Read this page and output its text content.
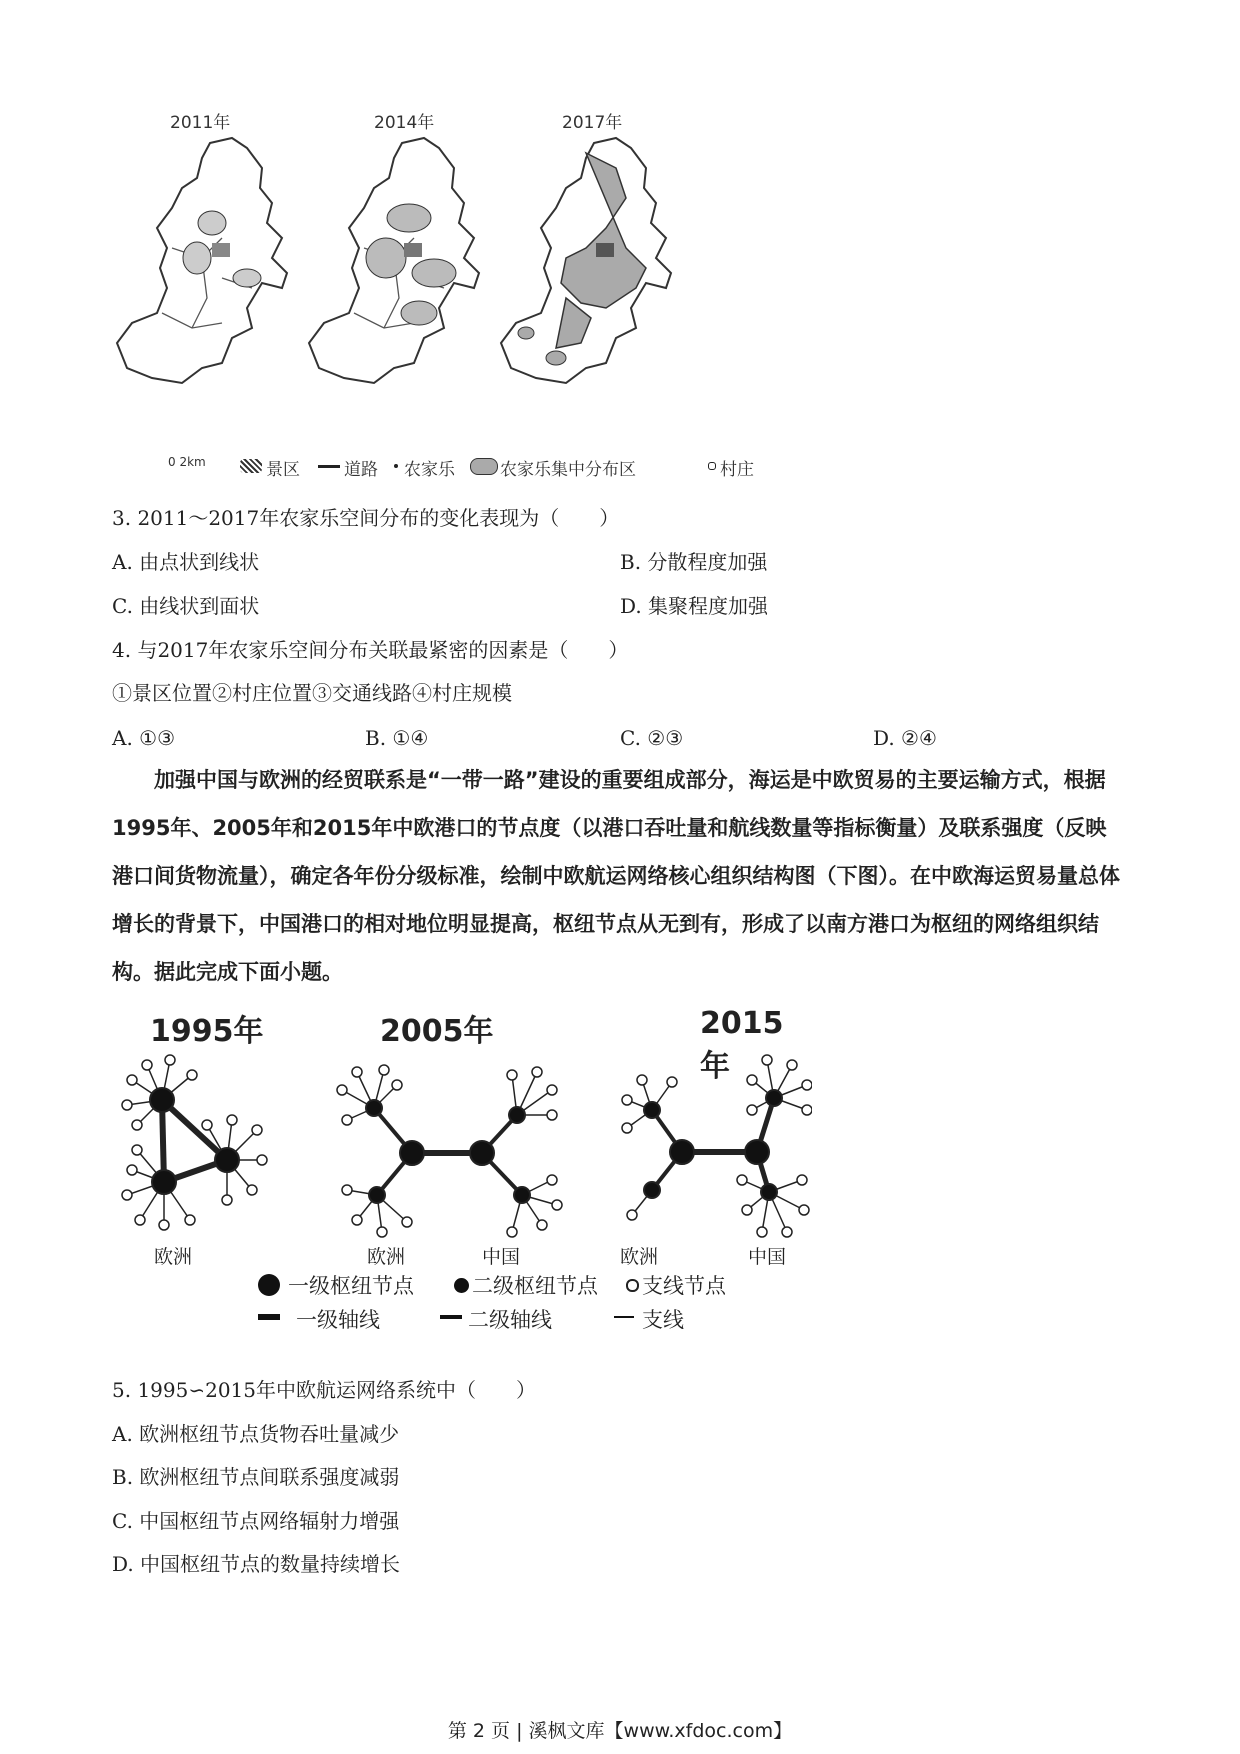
2011年	2014年	2017年
0 2km	景区	道路 农家乐	农家乐集中分布区	村庄
3. 2011～2017年农家乐空间分布的变化表现为（　　）
A. 由点状到线状	B. 分散程度加强
C. 由线状到面状	D. 集聚程度加强
4. 与2017年农家乐空间分布关联最紧密的因素是（　　）
①景区位置②村庄位置③交通线路④村庄规模
A. ①③	B. ①④	C. ②③	D. ②④
加强中国与欧洲的经贸联系是“一带一路”建设的重要组成部分，海运是中欧贸易的主要运输方式，根据1995年、2005年和2015年中欧港口的节点度（以港口吞吐量和航线数量等指标衡量）及联系强度（反映港口间货物流量），确定各年份分级标准，绘制中欧航运网络核心组织结构图（下图）。在中欧海运贸易量总体增长的背景下，中国港口的相对地位明显提高，枢纽节点从无到有，形成了以南方港口为枢纽的网络组织结构。据此完成下面小题。
1995年	2005年	2015年
欧洲	欧洲	中国	欧洲	中国
一级枢纽节点	二级枢纽节点 支线节点
一级轴线	二级轴线	支线
5. 1995∽2015年中欧航运网络系统中（　　）
A. 欧洲枢纽节点货物吞吐量减少
B. 欧洲枢纽节点间联系强度减弱
C. 中国枢纽节点网络辐射力增强
D. 中国枢纽节点的数量持续增长
第 2 页 | 溪枫文库【www.xfdoc.com】
